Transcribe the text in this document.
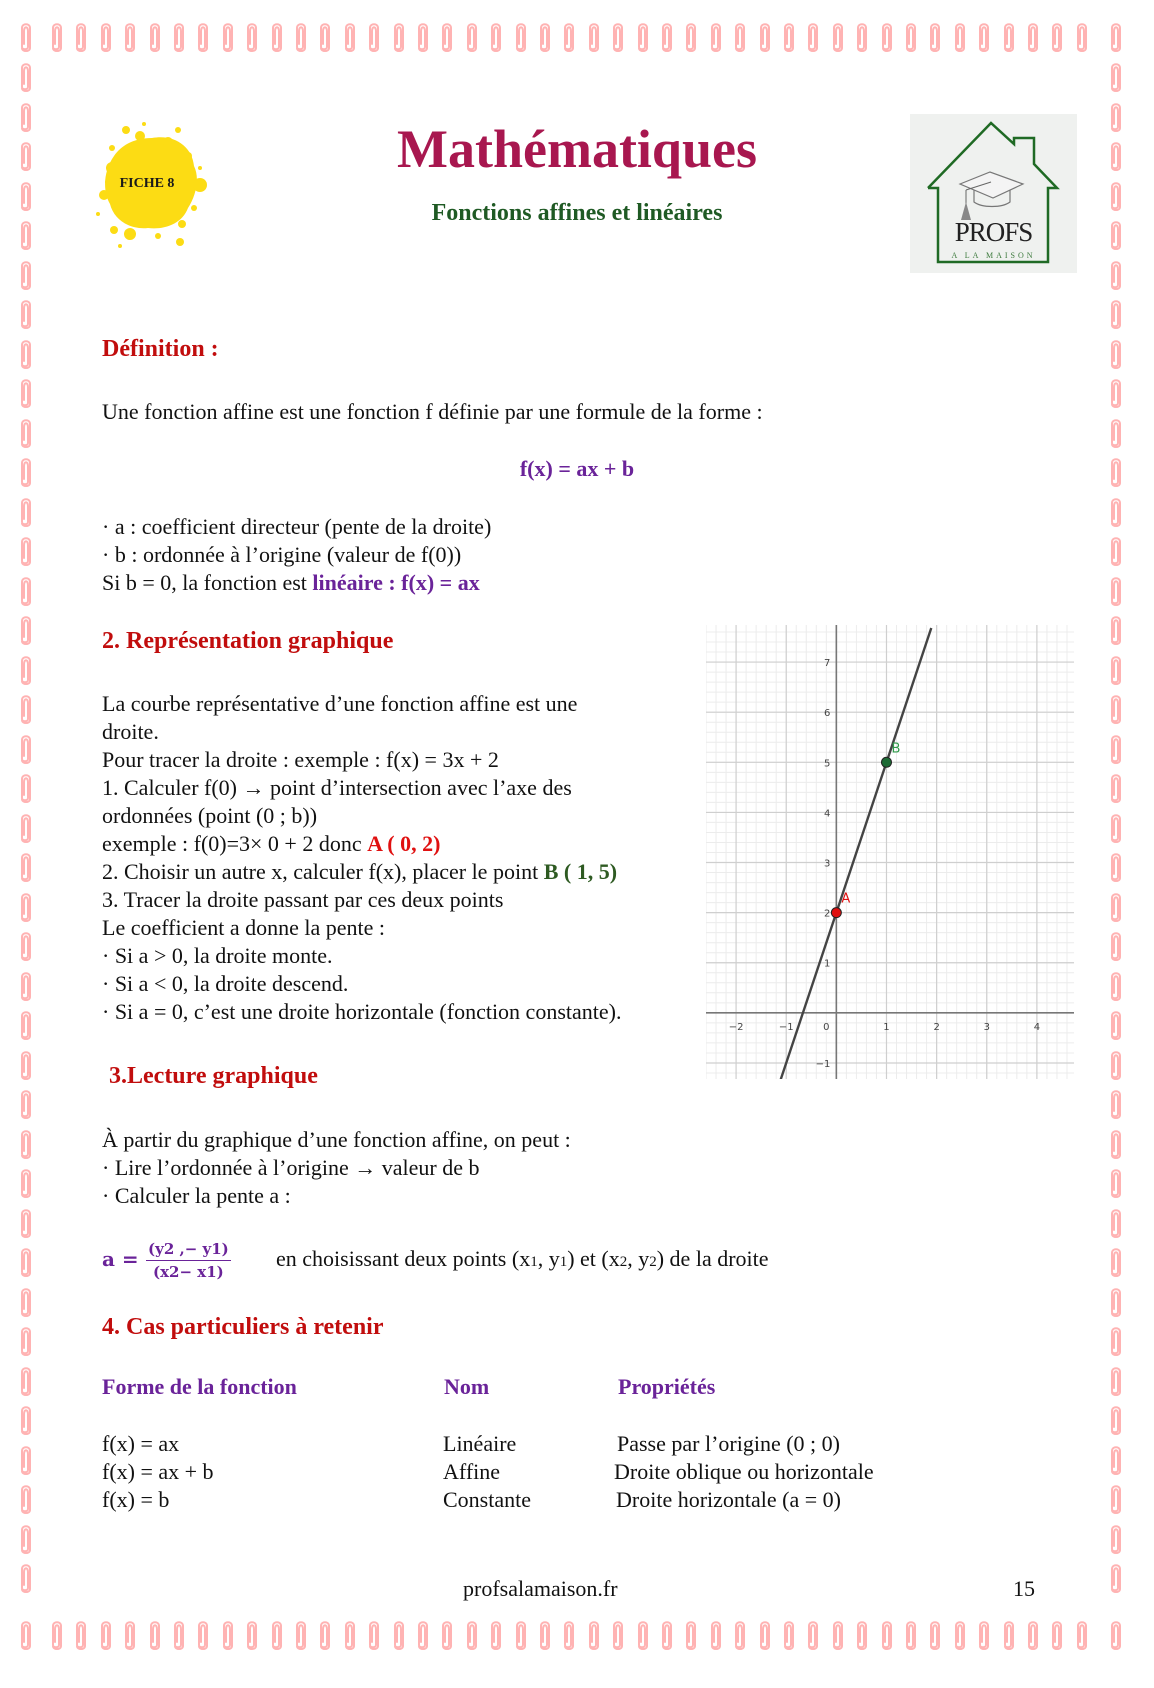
FICHE 8
Mathématiques
Fonctions affines et linéaires
PROFS
A LA MAISON
Définition :
Une fonction affine est une fonction f définie par une formule de la forme :
f(x) = ax + b
· a : coefficient directeur (pente de la droite)
· b : ordonnée à l’origine (valeur de f(0))
Si b = 0, la fonction est linéaire : f(x) = ax
2. Représentation graphique
La courbe représentative d’une fonction affine est une
droite.
Pour tracer la droite : exemple : f(x) = 3x + 2
1. Calculer f(0) → point d’intersection avec l’axe des
ordonnées (point (0 ; b))
exemple : f(0)=3× 0 + 2 donc A ( 0, 2)
2. Choisir un autre x, calculer f(x), placer le point B ( 1, 5)
3. Tracer la droite passant par ces deux points
Le coefficient a donne la pente :
· Si a > 0, la droite monte.
· Si a < 0, la droite descend.
· Si a = 0, c’est une droite horizontale (fonction constante).
−2	−1	0	1	2	3	4
−1
1
2
3
4
5
6
7
A
B
3.Lecture graphique
À partir du graphique d’une fonction affine, on peut :
· Lire l’ordonnée à l’origine → valeur de b
· Calculer la pente a :
$a = \frac{(y2 ,- y1)}{(x2- x1)}$ en choisissant deux points (x1, y1) et (x2, y2) de la droite
4. Cas particuliers à retenir
Forme de la fonction	Nom	Propriétés
f(x) = ax	Linéaire	Passe par l’origine (0 ; 0)
f(x) = ax + b	Affine	Droite oblique ou horizontale
f(x) = b	Constante	Droite horizontale (a = 0)
profsalamaison.fr	15
